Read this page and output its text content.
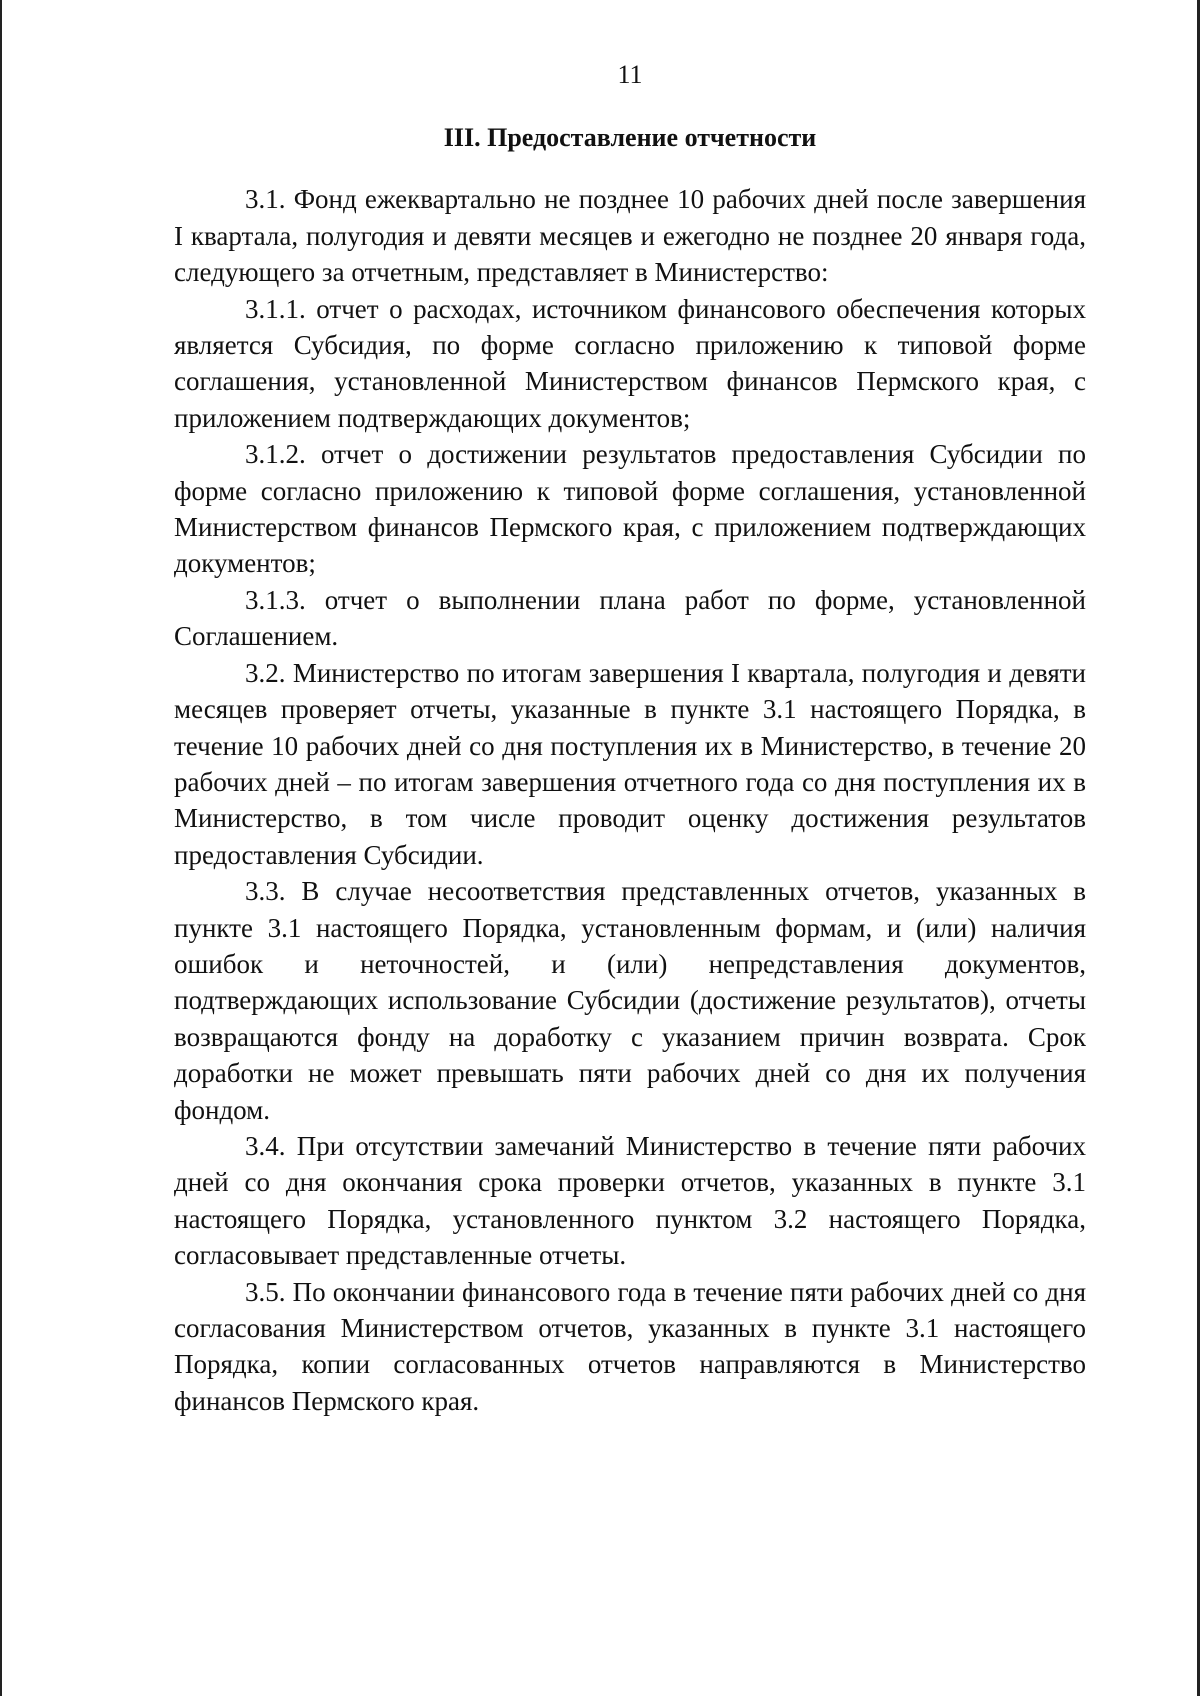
11
III. Предоставление отчетности

3.1. Фонд ежеквартально не позднее 10 рабочих дней после завершения I квартала, полугодия и девяти месяцев и ежегодно не позднее 20 января года, следующего за отчетным, представляет в Министерство:

3.1.1. отчет о расходах, источником финансового обеспечения которых является Субсидия, по форме согласно приложению к типовой форме соглашения, установленной Министерством финансов Пермского края, с приложением подтверждающих документов;

3.1.2. отчет о достижении результатов предоставления Субсидии по форме согласно приложению к типовой форме соглашения, установленной Министерством финансов Пермского края, с приложением подтверждающих документов;

3.1.3. отчет о выполнении плана работ по форме, установленной Соглашением.

3.2. Министерство по итогам завершения I квартала, полугодия и девяти месяцев проверяет отчеты, указанные в пункте 3.1 настоящего Порядка, в течение 10 рабочих дней со дня поступления их в Министерство, в течение 20 рабочих дней – по итогам завершения отчетного года со дня поступления их в Министерство, в том числе проводит оценку достижения результатов предоставления Субсидии.

3.3. В случае несоответствия представленных отчетов, указанных в пункте 3.1 настоящего Порядка, установленным формам, и (или) наличия ошибок и неточностей, и (или) непредставления документов, подтверждающих использование Субсидии (достижение результатов), отчеты возвращаются фонду на доработку с указанием причин возврата. Срок доработки не может превышать пяти рабочих дней со дня их получения фондом.

3.4. При отсутствии замечаний Министерство в течение пяти рабочих дней со дня окончания срока проверки отчетов, указанных в пункте 3.1 настоящего Порядка, установленного пунктом 3.2 настоящего Порядка, согласовывает представленные отчеты.

3.5. По окончании финансового года в течение пяти рабочих дней со дня согласования Министерством отчетов, указанных в пункте 3.1 настоящего Порядка, копии согласованных отчетов направляются в Министерство финансов Пермского края.
